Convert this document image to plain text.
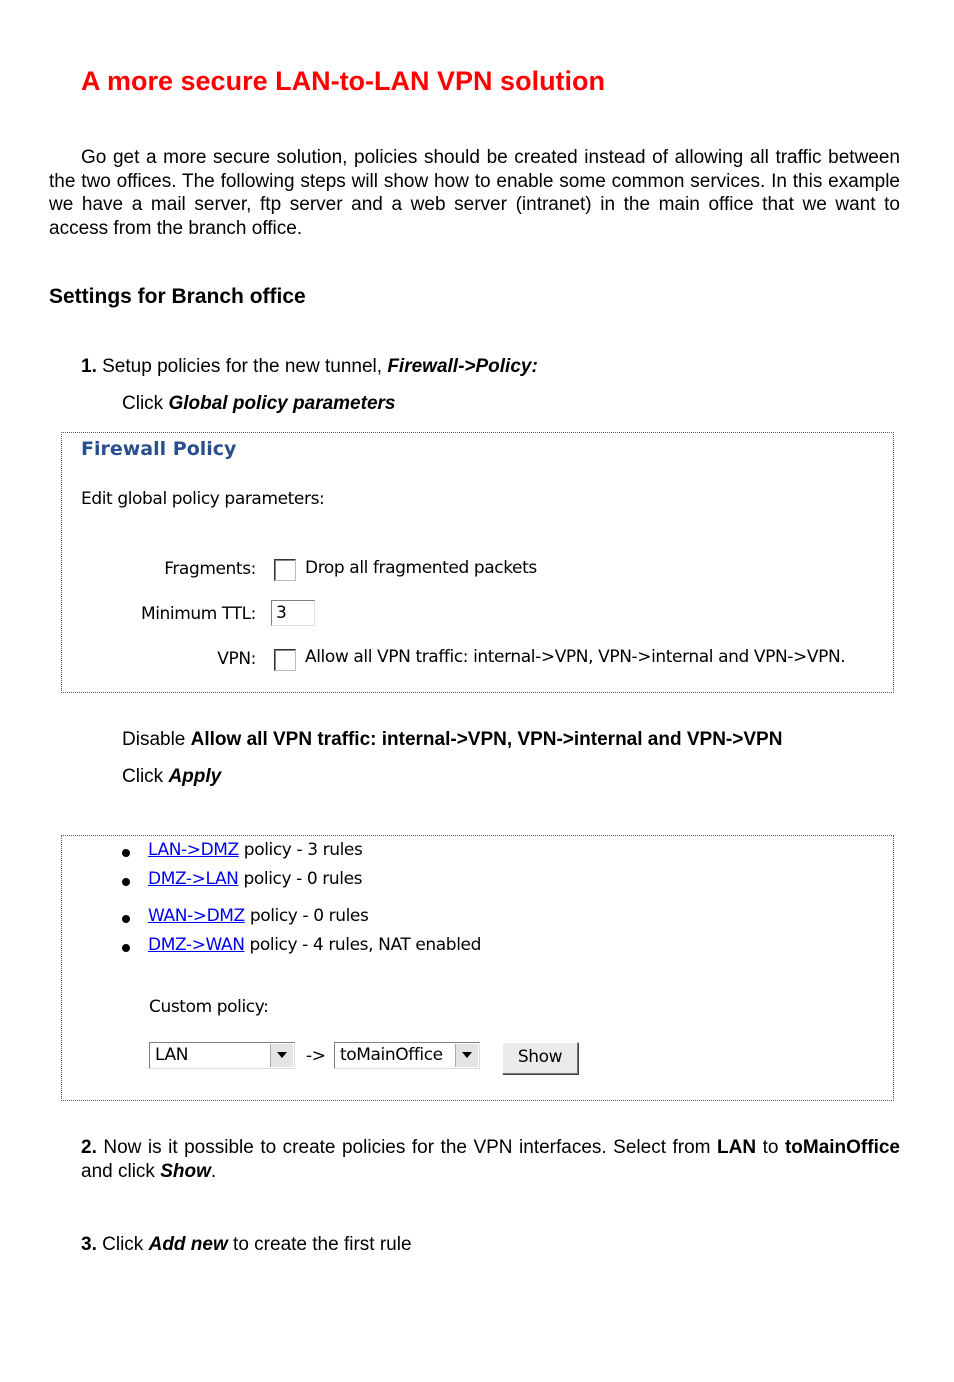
A more secure LAN-to-LAN VPN solution

Go get a more secure solution, policies should be created instead of allowing all traffic between the two offices. The following steps will show how to enable some common services. In this example we have a mail server, ftp server and a web server (intranet) in the main office that we want to access from the branch office.

Settings for Branch office
1. Setup policies for the new tunnel, Firewall->Policy:
Click Global policy parameters
Firewall Policy
Edit global policy parameters:
Fragments:	Drop all fragmented packets
Minimum TTL: 3
VPN:	Allow all VPN traffic: internal->VPN, VPN->internal and VPN->VPN.
Disable Allow all VPN traffic: internal->VPN, VPN->internal and VPN->VPN
Click Apply
LAN->DMZ policy - 3 rules
DMZ->LAN policy - 0 rules
WAN->DMZ policy - 0 rules
DMZ->WAN policy - 4 rules, NAT enabled
Custom policy:
LAN	-> toMainOffice	Show

2. Now is it possible to create policies for the VPN interfaces. Select from LAN to toMainOffice and click Show.

3. Click Add new to create the first rule
